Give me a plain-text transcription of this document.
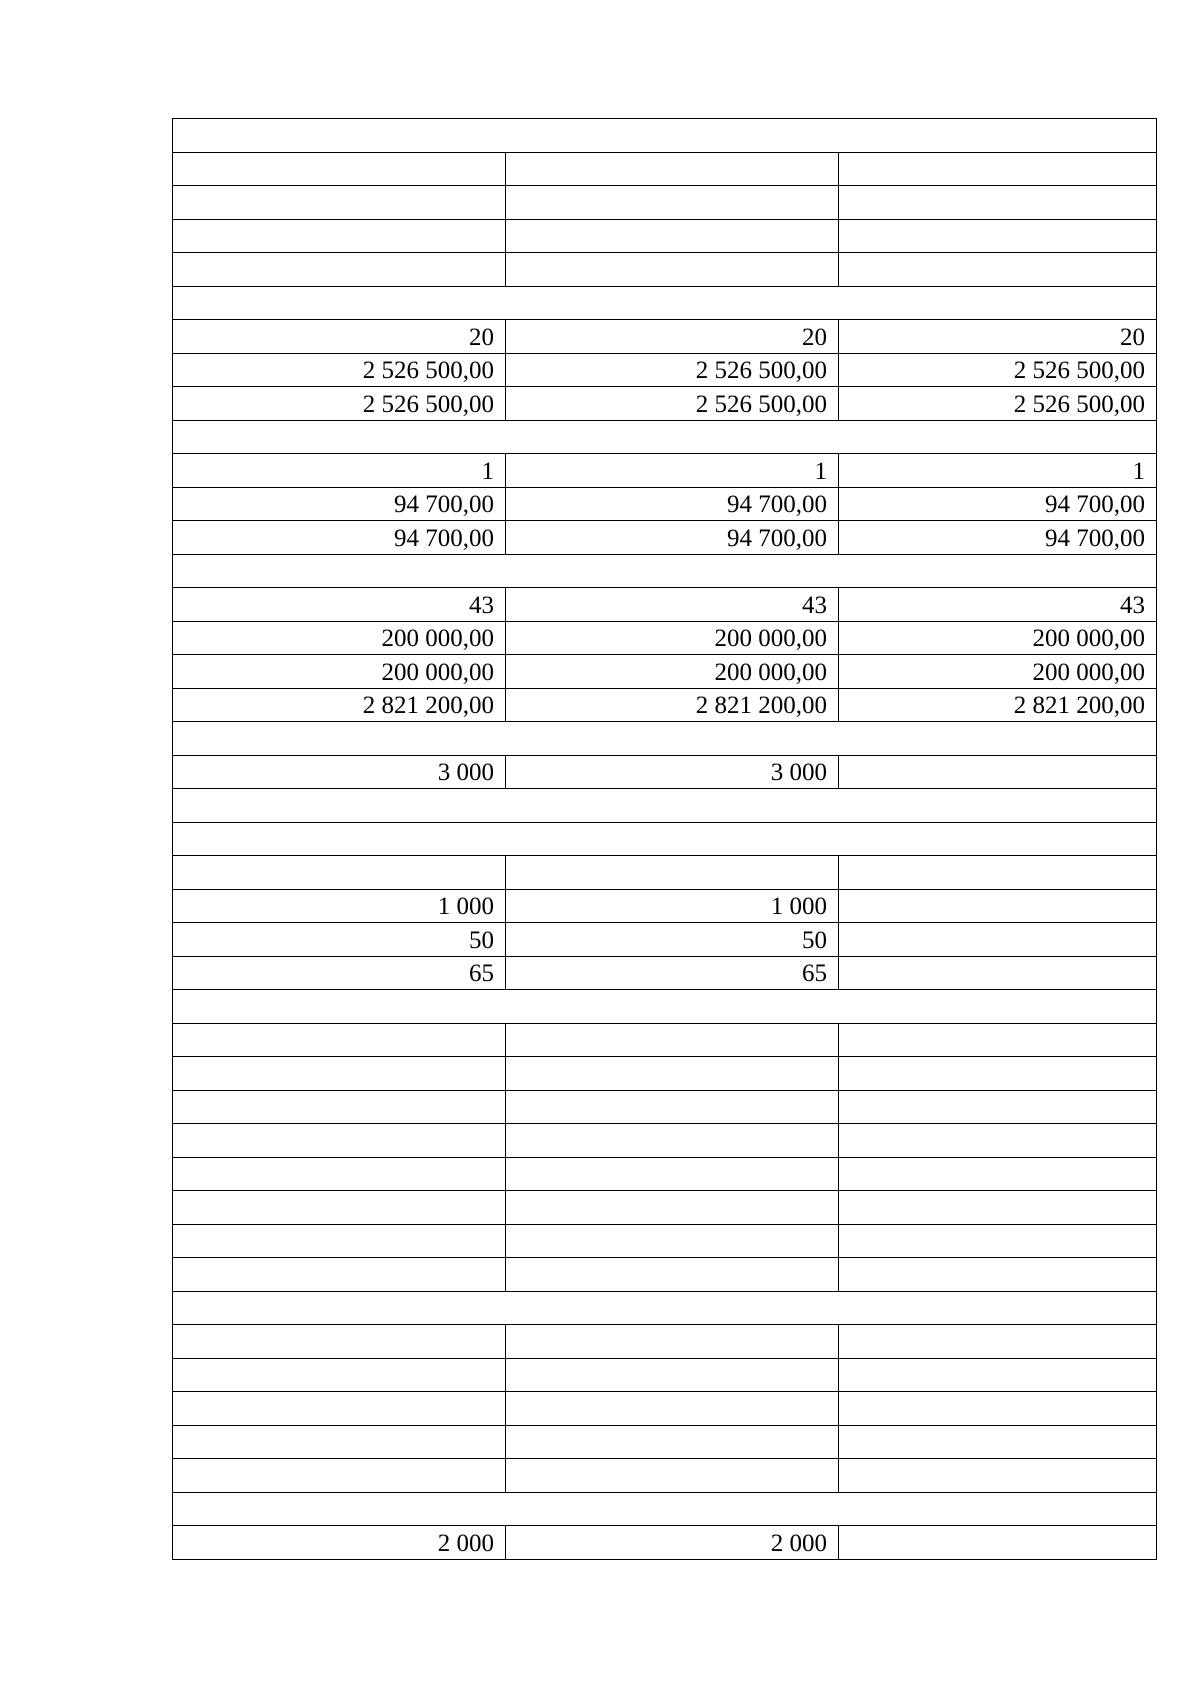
20	20	20
2 526 500,00	2 526 500,00	2 526 500,00
2 526 500,00	2 526 500,00	2 526 500,00

1	1	1
94 700,00	94 700,00	94 700,00
94 700,00	94 700,00	94 700,00

43	43	43
200 000,00	200 000,00	200 000,00
200 000,00	200 000,00	200 000,00
2 821 200,00	2 821 200,00	2 821 200,00

3 000	3 000	

1 000	1 000	
50	50	
65	65	

2 000	2 000	
